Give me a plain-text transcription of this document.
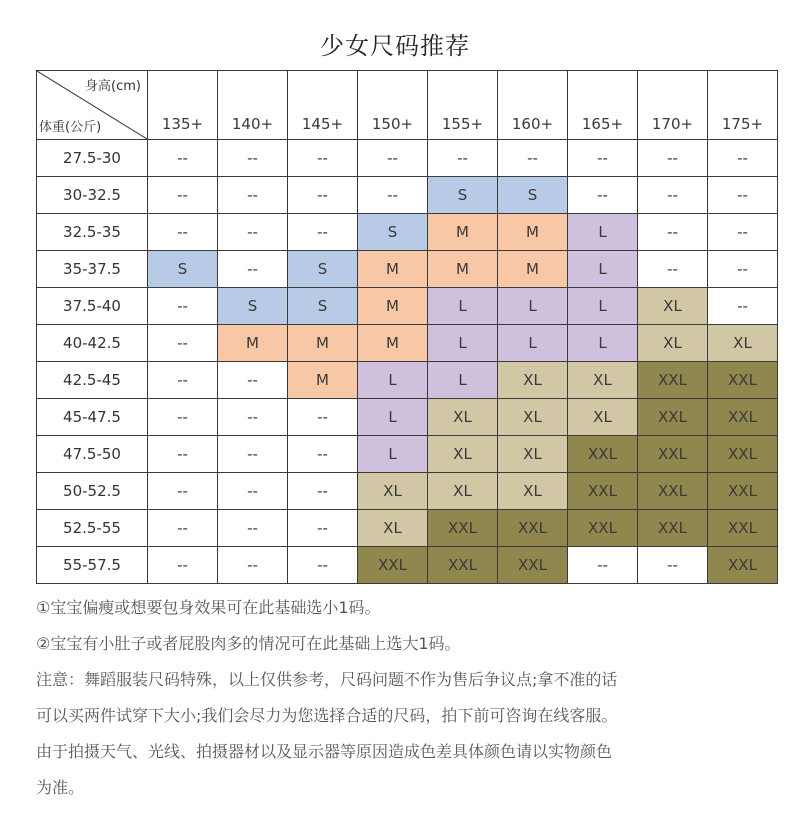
少女尺码推荐
身高(cm)
体重(公斤)	135+	140+	145+	150+	155+	160+	165+	170+	175+
27.5-30	--	--	--	--	--	--	--	--	--
30-32.5	--	--	--	--	S	S	--	--	--
32.5-35	--	--	--	S	M	M	L	--	--
35-37.5	S	--	S	M	M	M	L	--	--
37.5-40	--	S	S	M	L	L	L	XL	--
40-42.5	--	M	M	M	L	L	L	XL	XL
42.5-45	--	--	M	L	L	XL	XL	XXL	XXL
45-47.5	--	--	--	L	XL	XL	XL	XXL	XXL
47.5-50	--	--	--	L	XL	XL	XXL	XXL	XXL
50-52.5	--	--	--	XL	XL	XL	XXL	XXL	XXL
52.5-55	--	--	--	XL	XXL	XXL	XXL	XXL	XXL
55-57.5	--	--	--	XXL	XXL	XXL	--	--	XXL

①宝宝偏瘦或想要包身效果可在此基础选小1码。

②宝宝有小肚子或者屁股肉多的情况可在此基础上选大1码。

注意：舞蹈服装尺码特殊，以上仅供参考，尺码问题不作为售后争议点;拿不准的话

可以买两件试穿下大小;我们会尽力为您选择合适的尺码，拍下前可咨询在线客服。

由于拍摄天气、光线、拍摄器材以及显示器等原因造成色差具体颜色请以实物颜色

为准。
